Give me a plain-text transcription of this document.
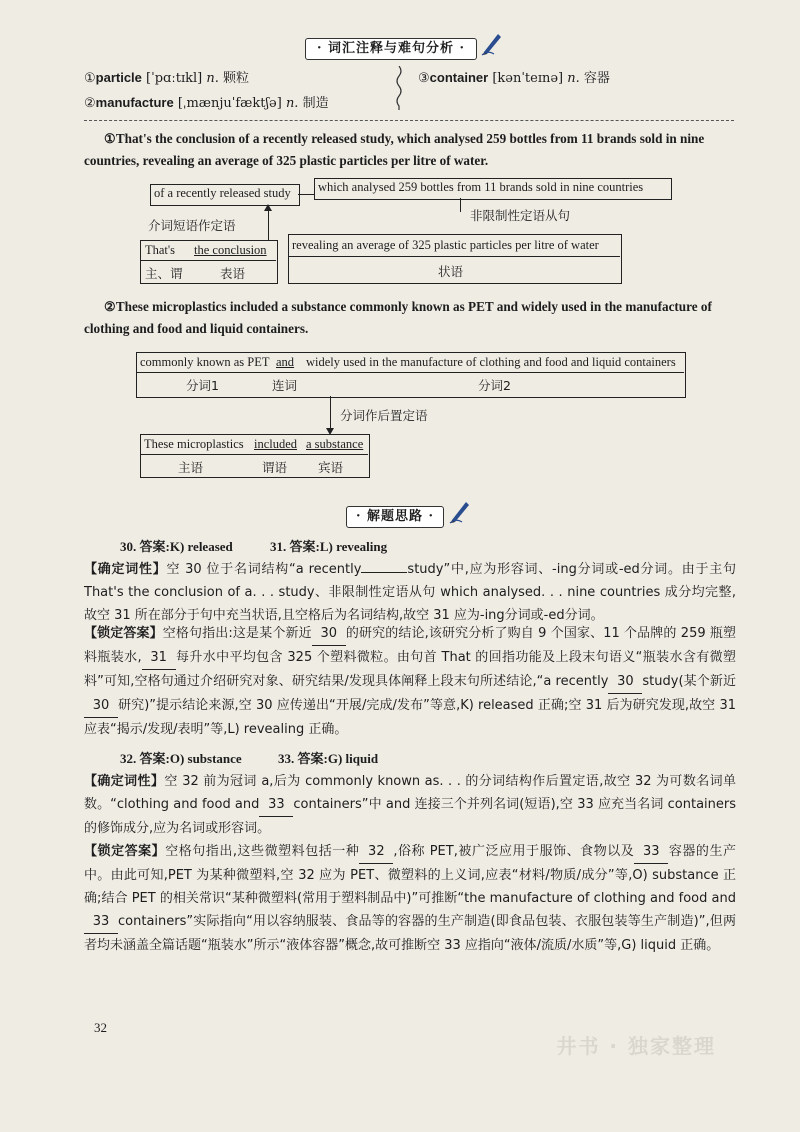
· 词汇注释与难句分析 ·
①particle [ˈpɑːtɪkl] n. 颗粒
②manufacture [ˌmænjuˈfæktʃə] n. 制造
③container [kənˈteɪnə] n. 容器
①That's the conclusion of a recently released study, which analysed 259 bottles from 11 brands sold in nine countries, revealing an average of 325 plastic particles per litre of water.
of a recently released study which analysed 259 bottles from 11 brands sold in nine countries
非限制性定语从句
介词短语作定语
That's the conclusion
主、谓	表语
revealing an average of 325 plastic particles per litre of water
状语
②These microplastics included a substance commonly known as PET and widely used in the manufacture of clothing and food and liquid containers.
commonly known as PET and widely used in the manufacture of clothing and food and liquid containers
分词1	连词	分词2
分词作后置定语
These microplastics included a substance
主语	谓语 宾语
· 解题思路 ·
30. 答案:K) released	31. 答案:L) revealing
【确定词性】空 30 位于名词结构“a recently	study”中,应为形容词、-ing分词或-ed分词。由于主句 That's the conclusion of a. . . study、非限制性定语从句 which analysed. . . nine countries 成分均完整,故空 31 所在部分于句中充当状语,且空格后为名词结构,故空 31 应为-ing分词或-ed分词。
【锁定答案】空格句指出:这是某个新近 30 的研究的结论,该研究分析了购自 9 个国家、11 个品牌的 259 瓶塑料瓶装水, 31 每升水中平均包含 325 个塑料微粒。由句首 That 的回指功能及上段末句语义“瓶装水含有微塑料”可知,空格句通过介绍研究对象、研究结果/发现具体阐释上段末句所述结论,“a recently 30 study(某个新近30 研究)”提示结论来源,空 30 应传递出“开展/完成/发布”等意,K) released 正确;空 31 后为研究发现,故空 31 应表“揭示/发现/表明”等,L) revealing 正确。
32. 答案:O) substance	33. 答案:G) liquid
【确定词性】空 32 前为冠词 a,后为 commonly known as. . . 的分词结构作后置定语,故空 32 为可数名词单数。“clothing and food and 33 containers”中 and 连接三个并列名词(短语),空 33 应充当名词 containers 的修饰成分,应为名词或形容词。
【锁定答案】空格句指出,这些微塑料包括一种 32 ,俗称 PET,被广泛应用于服饰、食物以及 33 容器的生产中。由此可知,PET 为某种微塑料,空 32 应为 PET、微塑料的上义词,应表“材料/物质/成分”等,O) substance 正确;结合 PET 的相关常识“某种微塑料(常用于塑料制品中)”可推断“the manufacture of clothing and food and33 containers”实际指向“用以容纳服装、食品等的容器的生产制造(即食品包装、衣服包装等生产制造)”,但两者均未涵盖全篇话题“瓶装水”所示“液体容器”概念,故可推断空 33 应指向“液体/流质/水质”等,G) liquid 正确。
32
井书 · 独家整理
